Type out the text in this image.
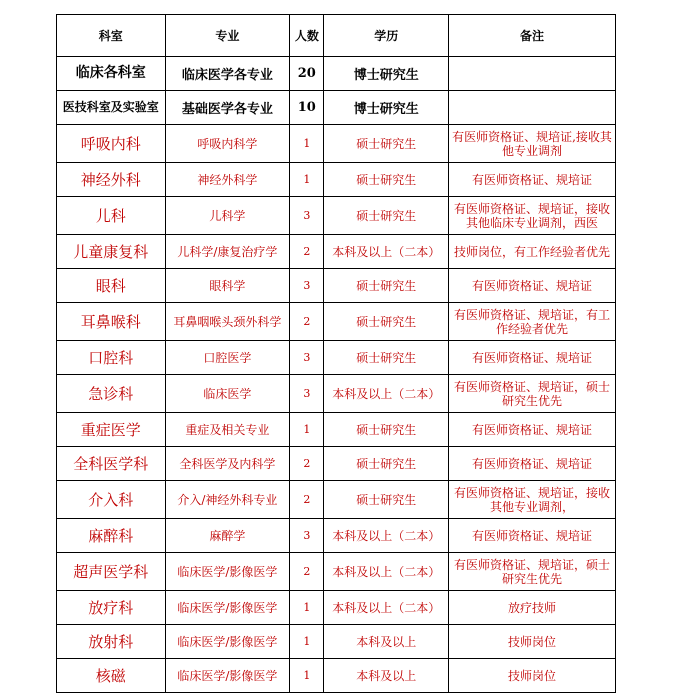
科室	专业	人数	学历	备注
临床各科室	临床医学各专业	20	博士研究生	
医技科室及实验室	基础医学各专业	10	博士研究生	
呼吸内科	呼吸内科学	1	硕士研究生	有医师资格证、规培证,接收其他专业调剂
神经外科	神经外科学	1	硕士研究生	有医师资格证、规培证
儿科	儿科学	3	硕士研究生	有医师资格证、规培证，接收其他临床专业调剂，西医
儿童康复科	儿科学/康复治疗学	2	本科及以上（二本）	技师岗位，有工作经验者优先
眼科	眼科学	3	硕士研究生	有医师资格证、规培证
耳鼻喉科	耳鼻咽喉头颈外科学	2	硕士研究生	有医师资格证、规培证，有工作经验者优先
口腔科	口腔医学	3	硕士研究生	有医师资格证、规培证
急诊科	临床医学	3	本科及以上（二本）	有医师资格证、规培证，硕士研究生优先
重症医学	重症及相关专业	1	硕士研究生	有医师资格证、规培证
全科医学科	全科医学及内科学	2	硕士研究生	有医师资格证、规培证
介入科	介入/神经外科专业	2	硕士研究生	有医师资格证、规培证，接收其他专业调剂，
麻醉科	麻醉学	3	本科及以上（二本）	有医师资格证、规培证
超声医学科	临床医学/影像医学	2	本科及以上（二本）	有医师资格证、规培证，硕士研究生优先
放疗科	临床医学/影像医学	1	本科及以上（二本）	放疗技师
放射科	临床医学/影像医学	1	本科及以上	技师岗位
核磁	临床医学/影像医学	1	本科及以上	技师岗位
